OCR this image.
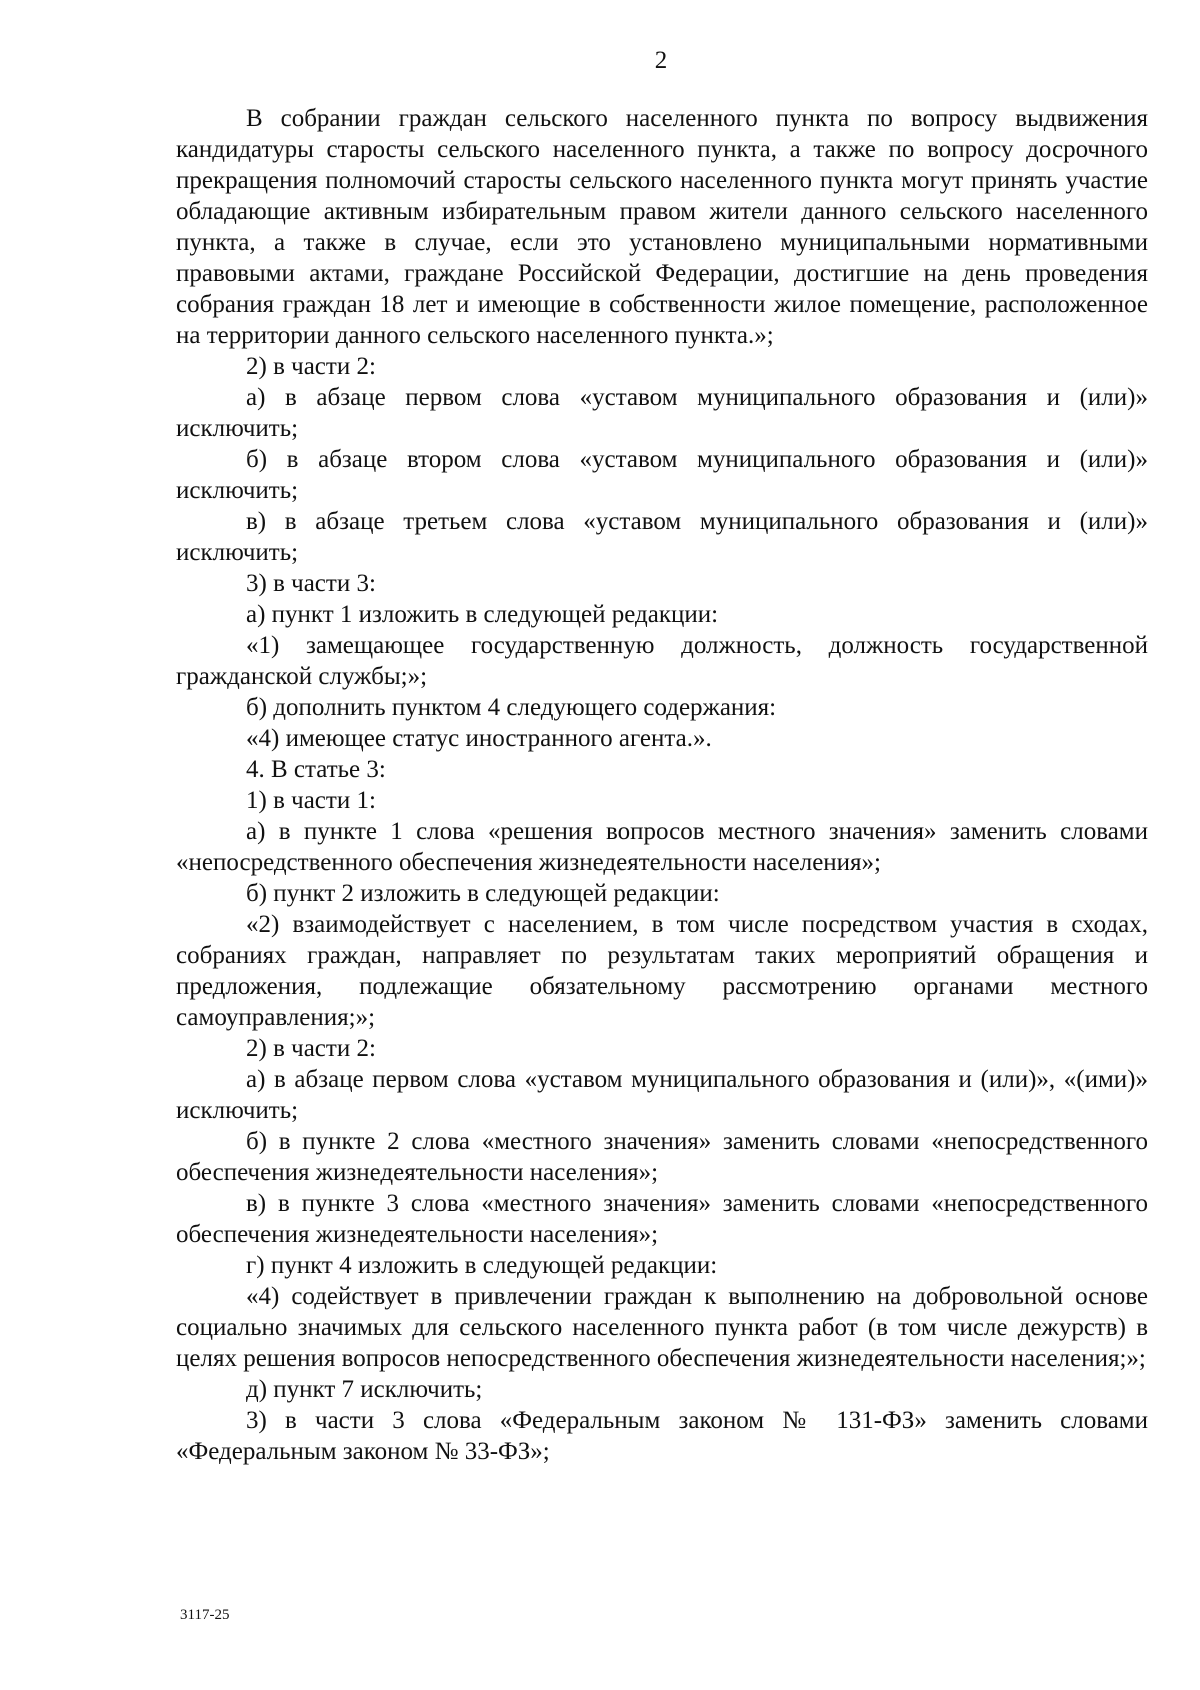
2

В собрании граждан сельского населенного пункта по вопросу выдвижения кандидатуры старосты сельского населенного пункта, а также по вопросу досрочного прекращения полномочий старосты сельского населенного пункта могут принять участие обладающие активным избирательным правом жители данного сельского населенного пункта, а также в случае, если это установлено муниципальными нормативными правовыми актами, граждане Российской Федерации, достигшие на день проведения собрания граждан 18 лет и имеющие в собственности жилое помещение, расположенное на территории данного сельского населенного пункта.»;

2) в части 2:

а) в абзаце первом слова «уставом муниципального образования и (или)» исключить;

б) в абзаце втором слова «уставом муниципального образования и (или)» исключить;

в) в абзаце третьем слова «уставом муниципального образования и (или)» исключить;

3) в части 3:

а) пункт 1 изложить в следующей редакции:

«1) замещающее государственную должность, должность государственной гражданской службы;»;

б) дополнить пунктом 4 следующего содержания:

«4) имеющее статус иностранного агента.».

4. В статье 3:

1) в части 1:

а) в пункте 1 слова «решения вопросов местного значения» заменить словами «непосредственного обеспечения жизнедеятельности населения»;

б) пункт 2 изложить в следующей редакции:

«2) взаимодействует с населением, в том числе посредством участия в сходах, собраниях граждан, направляет по результатам таких мероприятий обращения и предложения, подлежащие обязательному рассмотрению органами местного самоуправления;»;

2) в части 2:

а) в абзаце первом слова «уставом муниципального образования и (или)», «(ими)» исключить;

б) в пункте 2 слова «местного значения» заменить словами «непосредственного обеспечения жизнедеятельности населения»;

в) в пункте 3 слова «местного значения» заменить словами «непосредственного обеспечения жизнедеятельности населения»;

г) пункт 4 изложить в следующей редакции:

«4) содействует в привлечении граждан к выполнению на добровольной основе социально значимых для сельского населенного пункта работ (в том числе дежурств) в целях решения вопросов непосредственного обеспечения жизнедеятельности населения;»;

д) пункт 7 исключить;

3) в части 3 слова «Федеральным законом № 131-ФЗ» заменить словами «Федеральным законом № 33-ФЗ»;

3117-25
